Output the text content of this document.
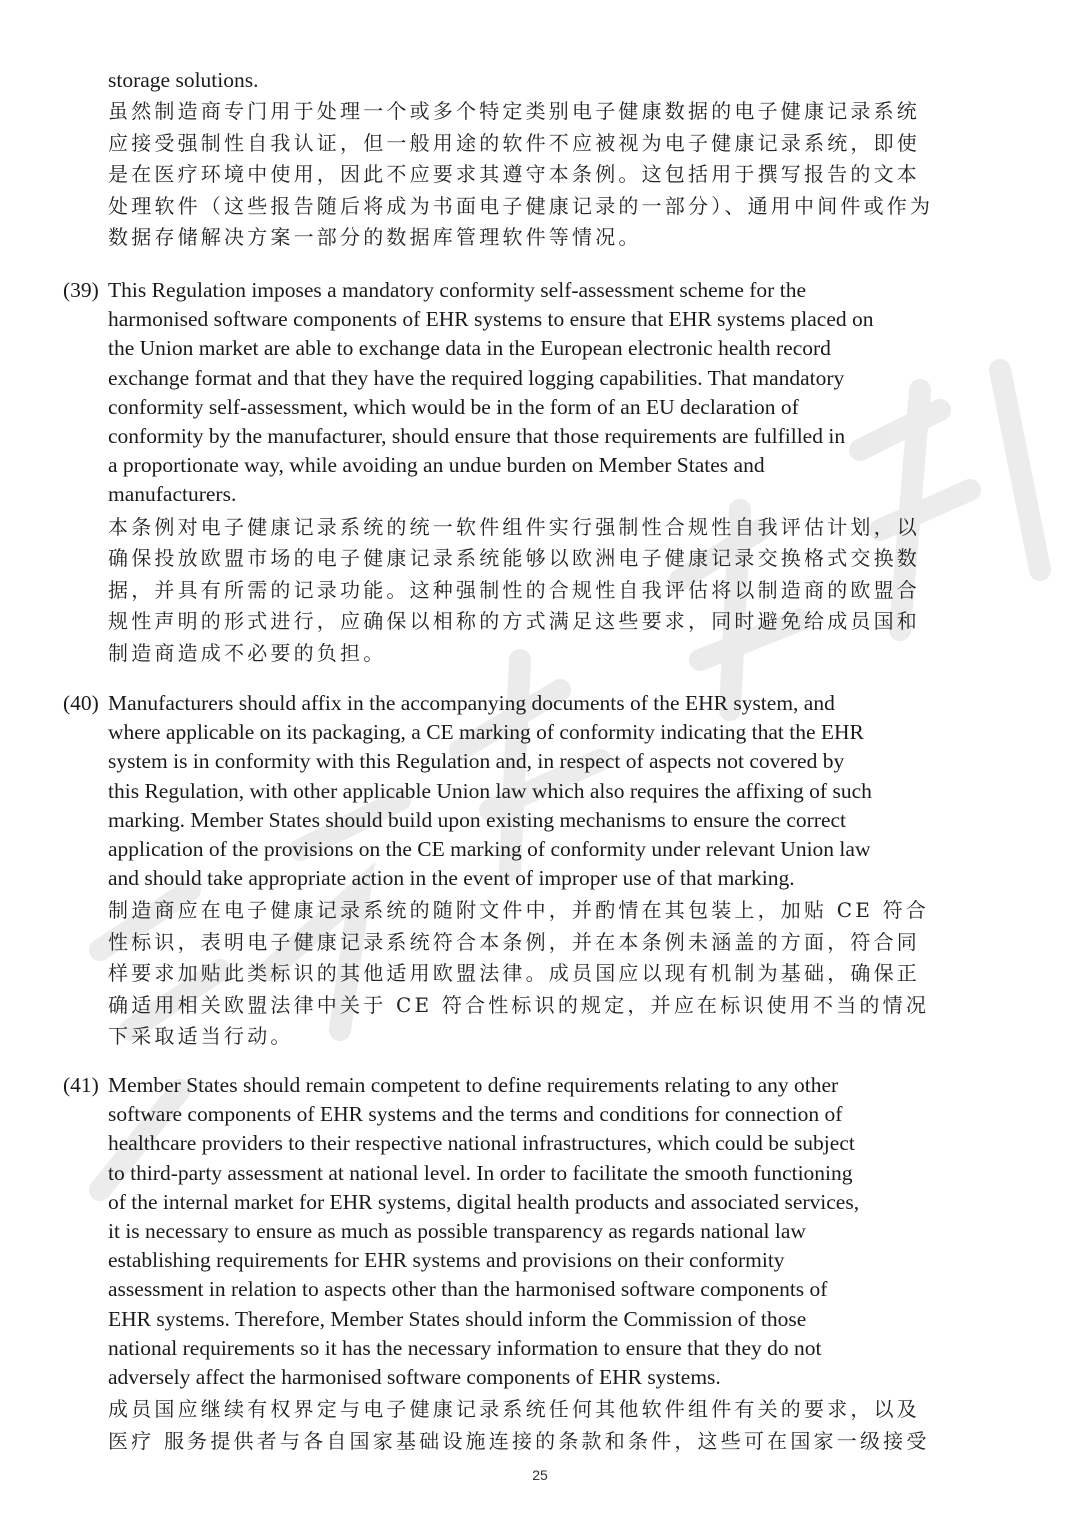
storage solutions.
虽然制造商专门用于处理一个或多个特定类别电子健康数据的电子健康记录系统
应接受强制性自我认证，但一般用途的软件不应被视为电子健康记录系统，即使
是在医疗环境中使用，因此不应要求其遵守本条例。这包括用于撰写报告的文本
处理软件（这些报告随后将成为书面电子健康记录的一部分）、通用中间件或作为
数据存储解决方案一部分的数据库管理软件等情况。
(39) This Regulation imposes a mandatory conformity self-assessment scheme for the
harmonised software components of EHR systems to ensure that EHR systems placed on
the Union market are able to exchange data in the European electronic health record
exchange format and that they have the required logging capabilities. That mandatory
conformity self-assessment, which would be in the form of an EU declaration of
conformity by the manufacturer, should ensure that those requirements are fulfilled in
a proportionate way, while avoiding an undue burden on Member States and
manufacturers.
本条例对电子健康记录系统的统一软件组件实行强制性合规性自我评估计划，以
确保投放欧盟市场的电子健康记录系统能够以欧洲电子健康记录交换格式交换数
据，并具有所需的记录功能。这种强制性的合规性自我评估将以制造商的欧盟合
规性声明的形式进行，应确保以相称的方式满足这些要求，同时避免给成员国和
制造商造成不必要的负担。
(40) Manufacturers should affix in the accompanying documents of the EHR system, and
where applicable on its packaging, a CE marking of conformity indicating that the EHR
system is in conformity with this Regulation and, in respect of aspects not covered by
this Regulation, with other applicable Union law which also requires the affixing of such
marking. Member States should build upon existing mechanisms to ensure the correct
application of the provisions on the CE marking of conformity under relevant Union law
and should take appropriate action in the event of improper use of that marking.
制造商应在电子健康记录系统的随附文件中，并酌情在其包装上，加贴 CE 符合
性标识，表明电子健康记录系统符合本条例，并在本条例未涵盖的方面，符合同
样要求加贴此类标识的其他适用欧盟法律。成员国应以现有机制为基础，确保正
确适用相关欧盟法律中关于 CE 符合性标识的规定，并应在标识使用不当的情况
下采取适当行动。
(41) Member States should remain competent to define requirements relating to any other
software components of EHR systems and the terms and conditions for connection of
healthcare providers to their respective national infrastructures, which could be subject
to third-party assessment at national level. In order to facilitate the smooth functioning
of the internal market for EHR systems, digital health products and associated services,
it is necessary to ensure as much as possible transparency as regards national law
establishing requirements for EHR systems and provisions on their conformity
assessment in relation to aspects other than the harmonised software components of
EHR systems. Therefore, Member States should inform the Commission of those
national requirements so it has the necessary information to ensure that they do not
adversely affect the harmonised software components of EHR systems.
成员国应继续有权界定与电子健康记录系统任何其他软件组件有关的要求，以及
医疗 服务提供者与各自国家基础设施连接的条款和条件，这些可在国家一级接受
25
